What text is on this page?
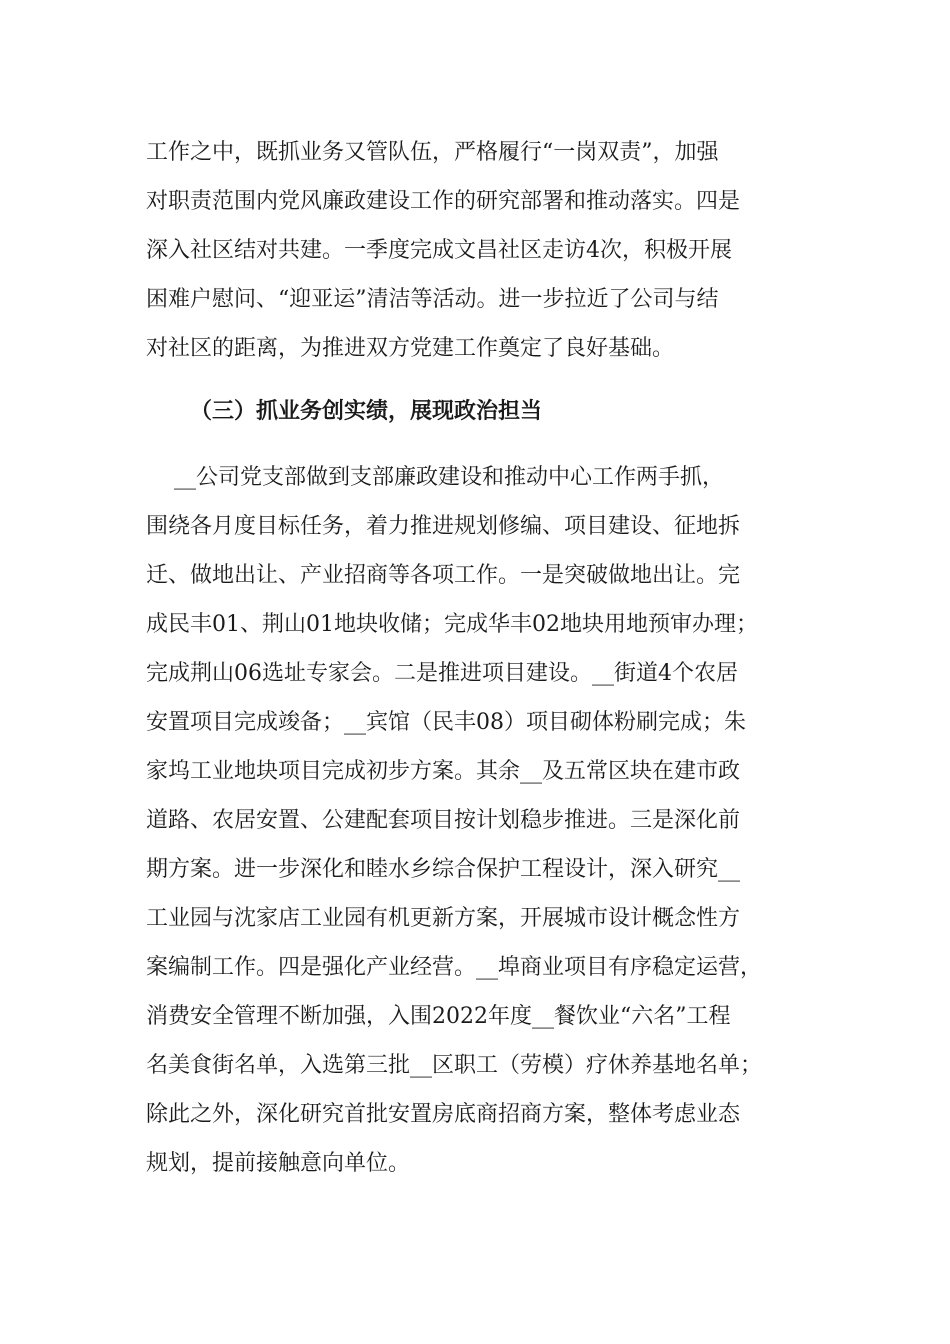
工作之中，既抓业务又管队伍，严格履行“一岗双责”，加强
对职责范围内党风廉政建设工作的研究部署和推动落实。四是
深入社区结对共建。一季度完成文昌社区走访4次，积极开展
困难户慰问、“迎亚运”清洁等活动。进一步拉近了公司与结
对社区的距离，为推进双方党建工作奠定了良好基础。
（三）抓业务创实绩，展现政治担当
__公司党支部做到支部廉政建设和推动中心工作两手抓，
围绕各月度目标任务，着力推进规划修编、项目建设、征地拆
迁、做地出让、产业招商等各项工作。一是突破做地出让。完
成民丰01、荆山01地块收储；完成华丰02地块用地预审办理；
完成荆山06选址专家会。二是推进项目建设。__街道4个农居
安置项目完成竣备；__宾馆（民丰08）项目砌体粉刷完成；朱
家坞工业地块项目完成初步方案。其余__及五常区块在建市政
道路、农居安置、公建配套项目按计划稳步推进。三是深化前
期方案。进一步深化和睦水乡综合保护工程设计，深入研究__
工业园与沈家店工业园有机更新方案，开展城市设计概念性方
案编制工作。四是强化产业经营。__埠商业项目有序稳定运营，
消费安全管理不断加强，入围2022年度__餐饮业“六名”工程
名美食街名单，入选第三批__区职工（劳模）疗休养基地名单；
除此之外，深化研究首批安置房底商招商方案，整体考虑业态
规划，提前接触意向单位。
